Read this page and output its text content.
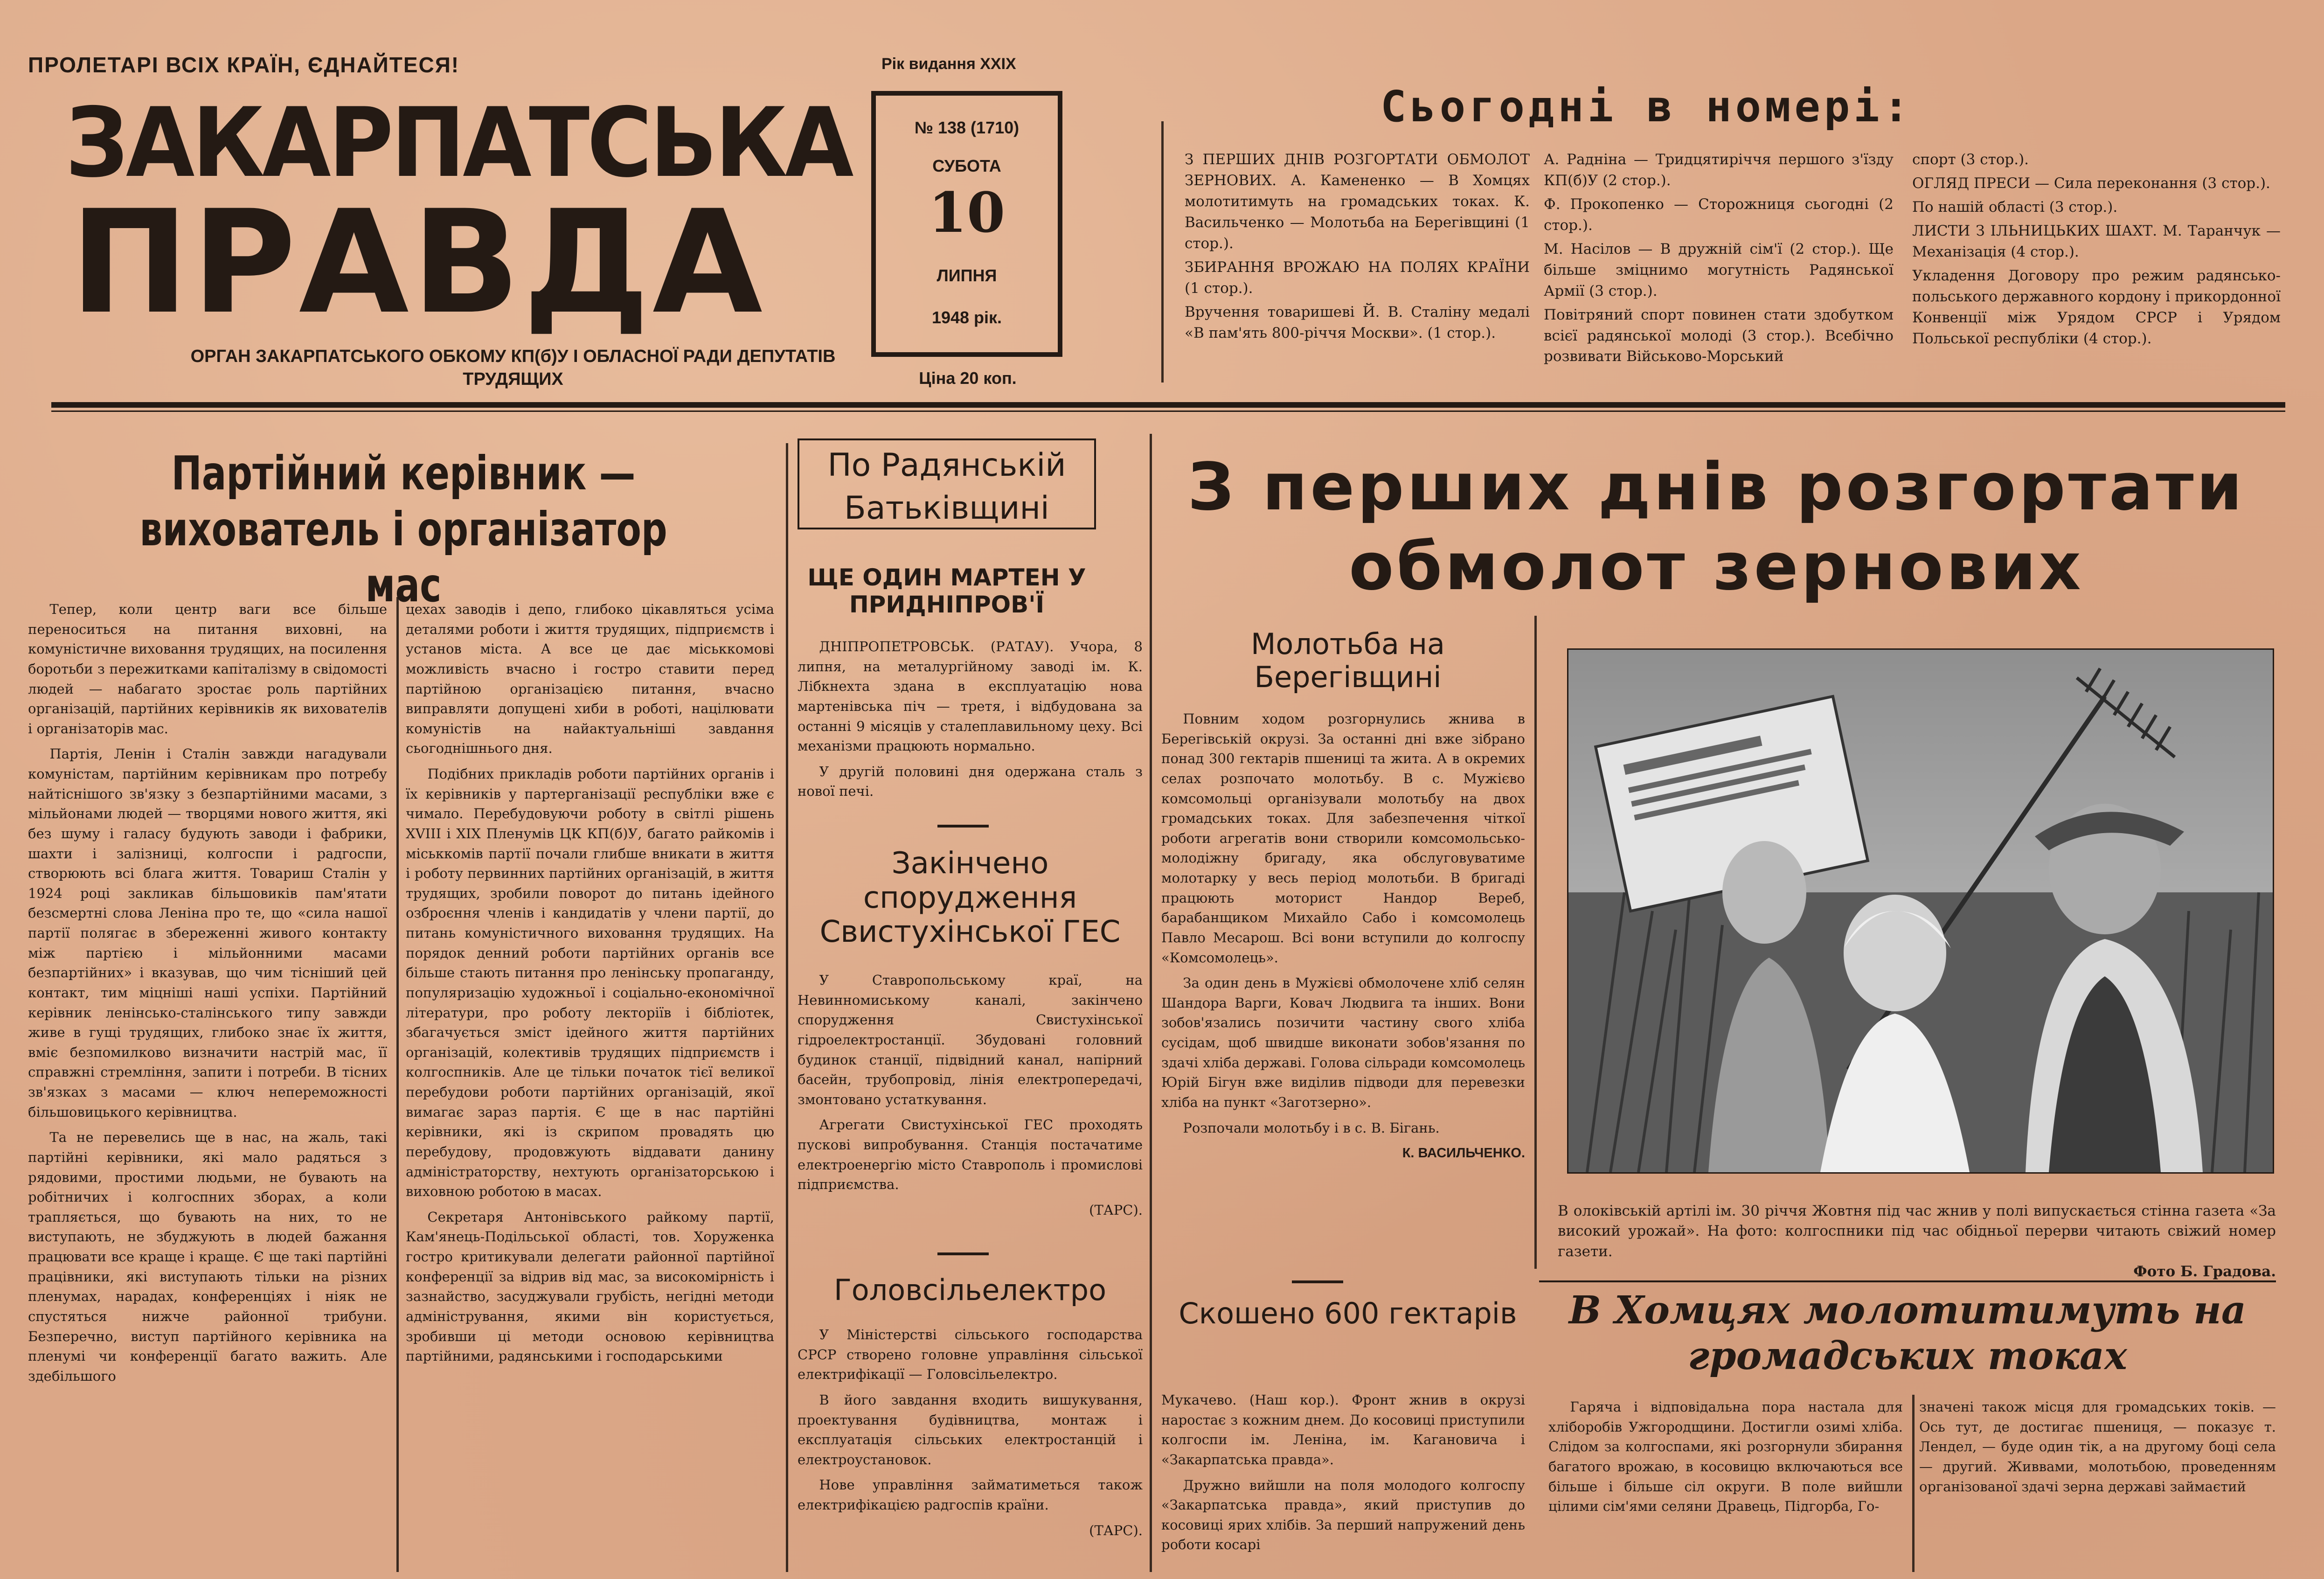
ПРОЛЕТАРІ ВСІХ КРАЇН, ЄДНАЙТЕСЯ!
ЗАКАРПАТСЬКА
ПРАВДА
ОРГАН ЗАКАРПАТСЬКОГО ОБКОМУ КП(б)У І ОБЛАСНОЇ РАДИ ДЕПУТАТІВ ТРУДЯЩИХ
Рік видання XXIX
№ 138 (1710)
СУБОТА
10
ЛИПНЯ
1948 рік.
Ціна 20 коп.
Сьогодні в номері:

З ПЕРШИХ ДНІВ РОЗГОРТАТИ ОБМОЛОТ ЗЕРНОВИХ. А. Камененко — В Хомцях молотитимуть на громадських токах. К. Васильченко — Молотьба на Берегівщині (1 стор.).

ЗБИРАННЯ ВРОЖАЮ НА ПОЛЯХ КРАЇНИ (1 стор.).

Вручення товаришеві Й. В. Сталіну медалі «В пам'ять 800-річчя Москви». (1 стор.).

А. Радніна — Тридцятиріччя першого з'їзду КП(б)У (2 стор.).

Ф. Прокопенко — Сторожниця сьогодні (2 стор.).

М. Насілов — В дружній сім'ї (2 стор.). Ще більше зміцнимо могутність Радянської Армії (3 стор.).

Повітряний спорт повинен стати здобутком всієї радянської молоді (3 стор.). Всебічно розвивати Військово-Морський

спорт (3 стор.).

ОГЛЯД ПРЕСИ — Сила переконання (3 стор.).

По нашій області (3 стор.).

ЛИСТИ З ІЛЬНИЦЬКИХ ШАХТ. М. Таранчук — Механізація (4 стор.).

Укладення Договору про режим радянсько-польського державного кордону і прикордонної Конвенції між Урядом СРСР і Урядом Польської республіки (4 стор.).

Партійний керівник — вихователь і організатор мас

Тепер, коли центр ваги все більше переноситься на питання виховні, на комуністичне виховання трудящих, на посилення боротьби з пережитками капіталізму в свідомості людей — набагато зростає роль партійних організацій, партійних керівників як вихователів і організаторів мас.

Партія, Ленін і Сталін завжди нагадували комуністам, партійним керівникам про потребу найтіснішого зв'язку з безпартійними масами, з мільйонами людей — творцями нового життя, які без шуму і галасу будують заводи і фабрики, шахти і залізниці, колгоспи і радгоспи, створюють всі блага життя. Товариш Сталін у 1924 році закликав більшовиків пам'ятати безсмертні слова Леніна про те, що «сила нашої партії полягає в збереженні живого контакту між партією і мільйонними масами безпартійних» і вказував, що чим тісніший цей контакт, тим міцніші наші успіхи. Партійний керівник ленінсько-сталінського типу завжди живе в гущі трудящих, глибоко знає їх життя, вміє безпомилково визначити настрій мас, її справжні стремління, запити і потреби. В тісних зв'язках з масами — ключ непереможності більшовицького керівництва.

Та не перевелись ще в нас, на жаль, такі партійні керівники, які мало радяться з рядовими, простими людьми, не бувають на робітничих і колгоспних зборах, а коли трапляється, що бувають на них, то не виступають, не збуджують в людей бажання працювати все краще і краще. Є ще такі партійні працівники, які виступають тільки на різних пленумах, нарадах, конференціях і ніяк не спустяться нижче районної трибуни. Безперечно, виступ партійного керівника на пленумі чи конференції багато важить. Але здебільшого

цехах заводів і депо, глибоко цікавляться усіма деталями роботи і життя трудящих, підприємств і установ міста. А все це дає міськкомові можливість вчасно і гостро ставити перед партійною організацією питання, вчасно виправляти допущені хиби в роботі, націлювати комуністів на найактуальніші завдання сьогоднішнього дня.

Подібних прикладів роботи партійних органів і їх керівників у партерганізації республіки вже є чимало. Перебудовуючи роботу в світлі рішень XVIII і XIX Пленумів ЦК КП(б)У, багато райкомів і міськкомів партії почали глибше вникати в життя і роботу первинних партійних організацій, в життя трудящих, зробили поворот до питань ідейного озброєння членів і кандидатів у члени партії, до питань комуністичного виховання трудящих. На порядок денний роботи партійних органів все більше стають питання про ленінську пропаганду, популяризацію художньої і соціально-економічної літератури, про роботу лекторіїв і бібліотек, збагачується зміст ідейного життя партійних організацій, колективів трудящих підприємств і колгоспників. Але це тільки початок тієї великої перебудови роботи партійних організацій, якої вимагає зараз партія. Є ще в нас партійні керівники, які із скрипом провадять цю перебудову, продовжують віддавати данину адміністраторству, нехтують організаторською і виховною роботою в масах.

Секретаря Антонівського райкому партії, Кам'янець-Подільської області, тов. Хоруженка гостро критикували делегати районної партійної конференції за відрив від мас, за високомірність і зазнайство, засуджували грубість, негідні методи адміністрування, якими він користується, зробивши ці методи основою керівництва партійними, радянськими і господарськими

По Радянській Батьківщині
ЩЕ ОДИН МАРТЕН У ПРИДНІПРОВ'Ї

ДНІПРОПЕТРОВСЬК. (РАТАУ). Учора, 8 липня, на металургійному заводі ім. К. Лібкнехта здана в експлуатацію нова мартенівська піч — третя, і відбудована за останні 9 місяців у сталеплавильному цеху. Всі механізми працюють нормально.

У другій половині дня одержана сталь з нової печі.

Закінчено спорудження Свистухінської ГЕС

У Ставропольському краї, на Невинномиському каналі, закінчено спорудження Свистухінської гідроелектростанції. Збудовані головний будинок станції, підвідний канал, напірний басейн, трубопровід, лінія електропередачі, змонтовано устаткування.

Агрегати Свистухінської ГЕС проходять пускові випробування. Станція постачатиме електроенергію місто Ставрополь і промислові підприємства.

(ТАРС).

Головсільелектро

У Міністерстві сільського господарства СРСР створено головне управління сільської електрифікації — Головсільелектро.

В його завдання входить вишукування, проектування будівництва, монтаж і експлуатація сільських електростанцій і електроустановок.

Нове управління займатиметься також електрифікацією радгоспів країни.

(ТАРС).

З перших днів розгортати обмолот зернових
Молотьба на Берегівщині

Повним ходом розгорнулись жнива в Берегівській окрузі. За останні дні вже зібрано понад 300 гектарів пшениці та жита. А в окремих селах розпочато молотьбу. В с. Мужієво комсомольці організували молотьбу на двох громадських токах. Для забезпечення чіткої роботи агрегатів вони створили комсомольсько-молодіжну бригаду, яка обслуговуватиме молотарку у весь період молотьби. В бригаді працюють моторист Нандор Вереб, барабанщиком Михайло Сабо і комсомолець Павло Месарош. Всі вони вступили до колгоспу «Комсомолець».

За один день в Мужієві обмолочене хліб селян Шандора Варги, Ковач Людвига та інших. Вони зобов'язались позичити частину свого хліба сусідам, щоб швидше виконати зобов'язання по здачі хліба державі. Голова сільради комсомолець Юрій Бігун вже виділив підводи для перевезки хліба на пункт «Заготзерно».

Розпочали молотьбу і в с. В. Бігань.

К. ВАСИЛЬЧЕНКО.

Скошено 600 гектарів

Мукачево. (Наш кор.). Фронт жнив в окрузі наростає з кожним днем. До косовиці приступили колгоспи ім. Леніна, ім. Кагановича і «Закарпатська правда».

Дружно вийшли на поля молодого колгоспу «Закарпатська правда», який приступив до косовиці ярих хлібів. За перший напружений день роботи косарі

В олоківській артілі ім. 30 річчя Жовтня під час жнив у полі випускається стінна газета «За високий урожай». На фото: колгоспники під час обідньої перерви читають свіжий номер газети.
Фото Б. Градова.
В Хомцях молотитимуть на громадських токах

Гаряча і відповідальна пора настала для хліборобів Ужгородщини. Достигли озимі хліба. Слідом за колгоспами, які розгорнули збирання багатого врожаю, в косовицю включаються все більше і більше сіл округи. В поле вийшли цілими сім'ями селяни Дравець, Підгорба, Го-

значені також місця для громадських токів. — Ось тут, де достигає пшениця, — показує т. Лендел, — буде один тік, а на другому боці села — другий. Живвами, молотьбою, проведенням організованої здачі зерна державі займаєтий
